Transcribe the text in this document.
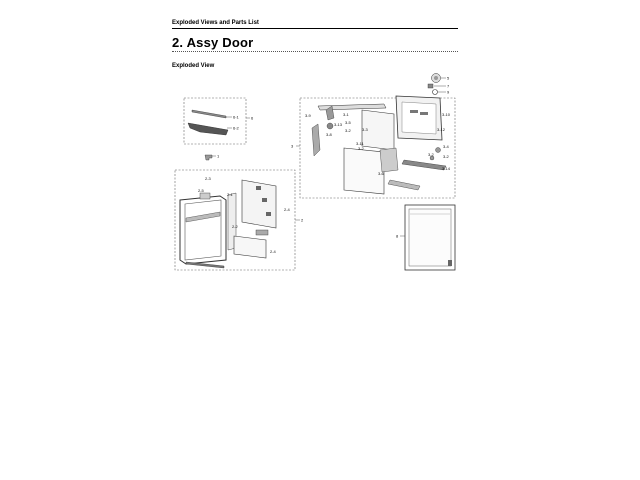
Exploded Views and Parts List
2. Assy Door
Exploded View
6-1
6-2
6
1
2
2-3
2-5
2-1
2-2
2-4
2-4
3
3-9	3-1
3-13 3-5
3-2
3-8
3-11
3-2
3-3
3-6
3-10
3-12
3-4
3-2 3-2
3-14
5
7
9
8
